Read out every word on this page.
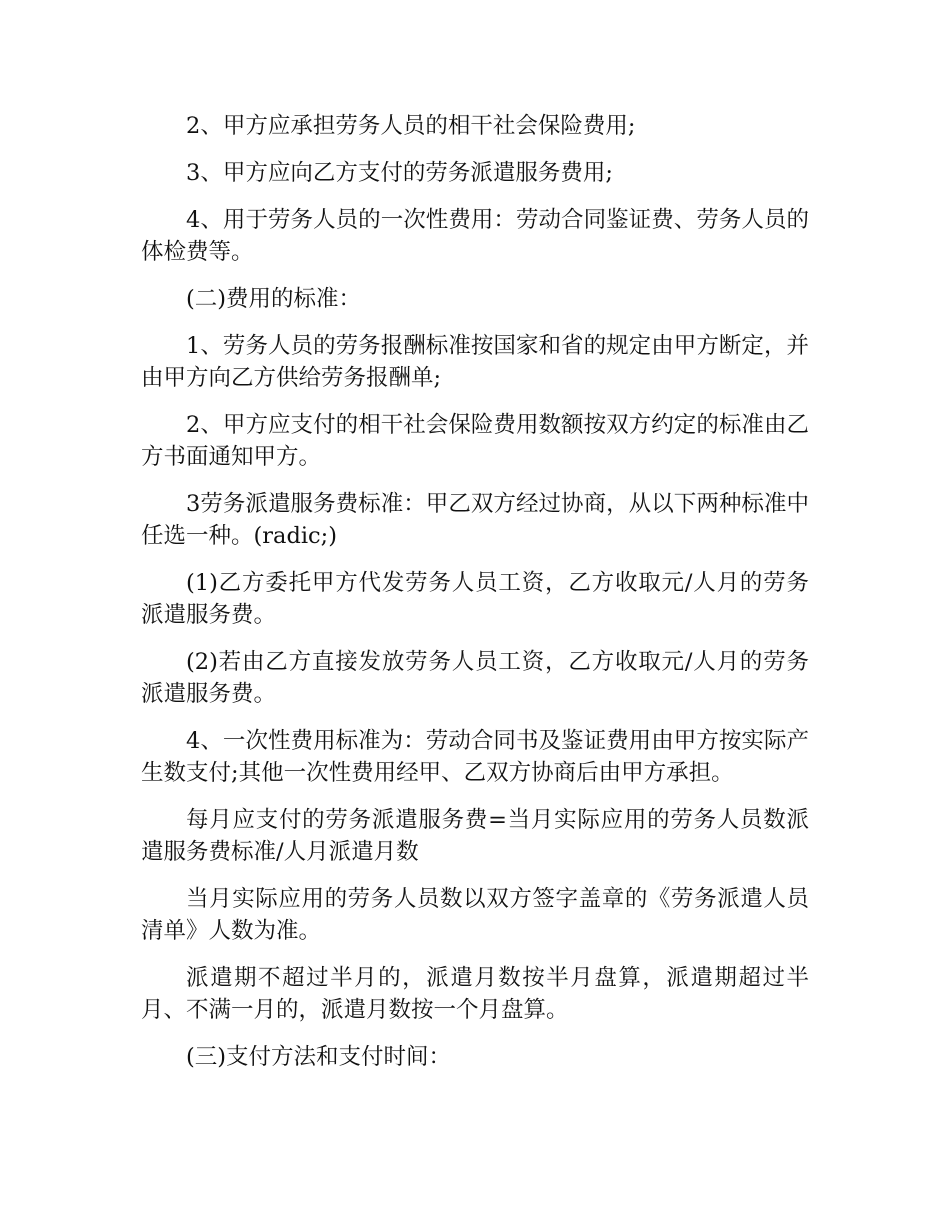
2、甲方应承担劳务人员的相干社会保险费用;

3、甲方应向乙方支付的劳务派遣服务费用;

4、用于劳务人员的一次性费用：劳动合同鉴证费、劳务人员的体检费等。

(二)费用的标准：

1、劳务人员的劳务报酬标准按国家和省的规定由甲方断定，并由甲方向乙方供给劳务报酬单;

2、甲方应支付的相干社会保险费用数额按双方约定的标准由乙方书面通知甲方。

3劳务派遣服务费标准：甲乙双方经过协商，从以下两种标准中任选一种。(radic;)

(1)乙方委托甲方代发劳务人员工资，乙方收取元/人月的劳务派遣服务费。

(2)若由乙方直接发放劳务人员工资，乙方收取元/人月的劳务派遣服务费。

4、一次性费用标准为：劳动合同书及鉴证费用由甲方按实际产生数支付;其他一次性费用经甲、乙双方协商后由甲方承担。

每月应支付的劳务派遣服务费=当月实际应用的劳务人员数派遣服务费标准/人月派遣月数

当月实际应用的劳务人员数以双方签字盖章的《劳务派遣人员清单》人数为准。

派遣期不超过半月的，派遣月数按半月盘算，派遣期超过半月、不满一月的，派遣月数按一个月盘算。

(三)支付方法和支付时间：
